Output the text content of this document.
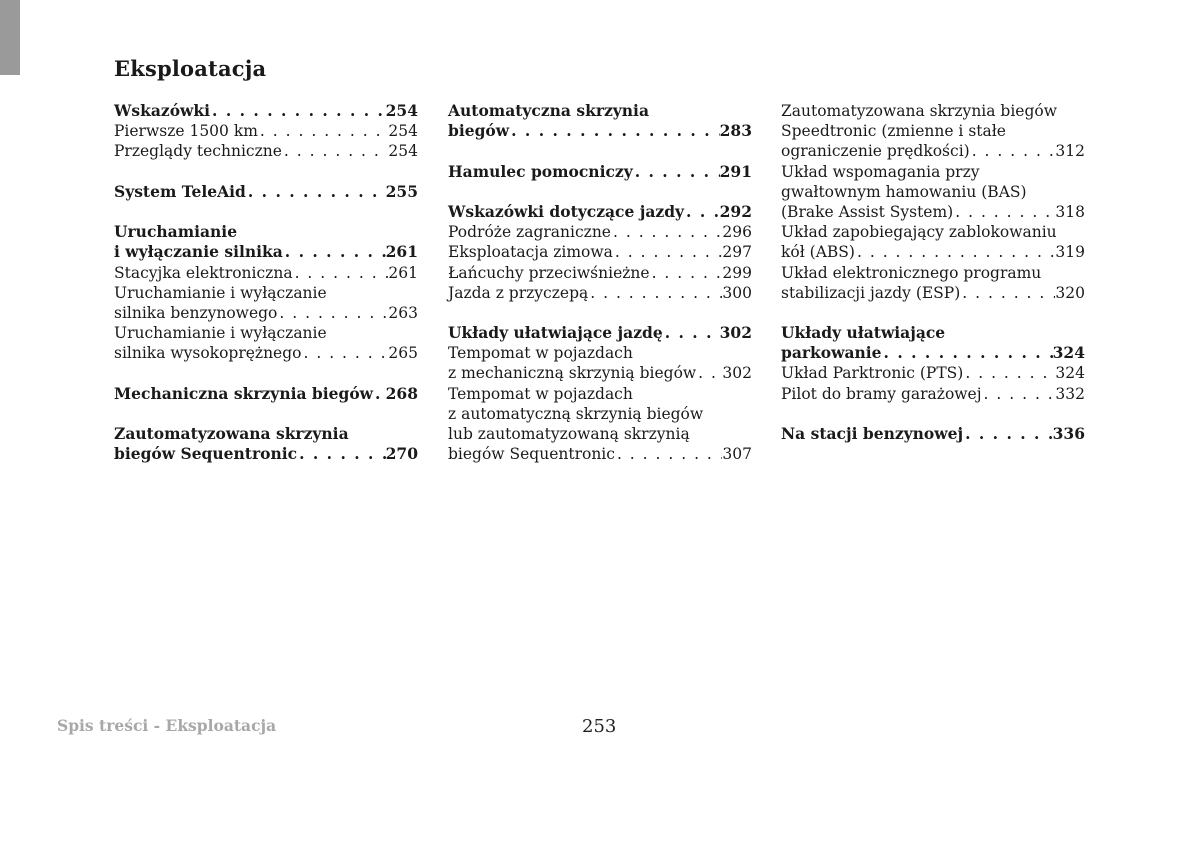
Eksploatacja
Wskazówki . . .	254
Pierwsze 1500 km . . .	254
Przeglądy techniczne . . .	254
System TeleAid . . .	255
Uruchamianie
i wyłączanie silnika . . .	261
Stacyjka elektroniczna . . .	261
Uruchamianie i wyłączanie
silnika benzynowego . . .	263
Uruchamianie i wyłączanie
silnika wysokoprężnego . . .	265
Mechaniczna skrzynia biegów . . . 268
Zautomatyzowana skrzynia
biegów Sequentronic . . .	270
Automatyczna skrzynia
biegów . . .	283
Hamulec pomocniczy . . .	291
Wskazówki dotyczące jazdy . . . 292
Podróże zagraniczne . . .	296
Eksploatacja zimowa . . .	297
Łańcuchy przeciwśnieżne . . .	299
Jazda z przyczepą . . .	300
Układy ułatwiające jazdę . . .	302
Tempomat w pojazdach
z mechaniczną skrzynią biegów . . . 302
Tempomat w pojazdach
z automatyczną skrzynią biegów
lub zautomatyzowaną skrzynią
biegów Sequentronic . . .	307
Zautomatyzowana skrzynia biegów
Speedtronic (zmienne i stałe
ograniczenie prędkości) . . .	312
Układ wspomagania przy
gwałtownym hamowaniu (BAS)
(Brake Assist System) . . .	318
Układ zapobiegający zablokowaniu
kół (ABS) . . .	319
Układ elektronicznego programu
stabilizacji jazdy (ESP) . . .	320
Układy ułatwiające
parkowanie . . .	324
Układ Parktronic (PTS) . . .	324
Pilot do bramy garażowej . . .	332
Na stacji benzynowej . . .	336
Spis treści - Eksploatacja	253
